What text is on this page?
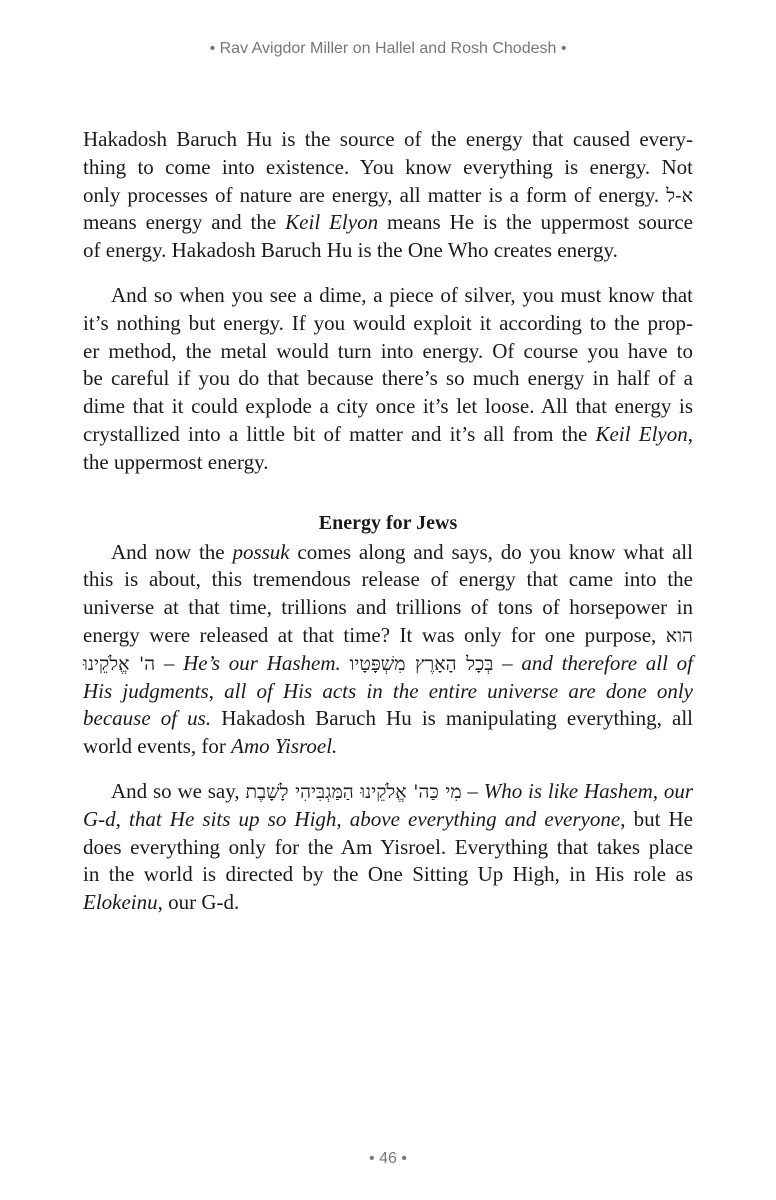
• Rav Avigdor Miller on Hallel and Rosh Chodesh •
Hakadosh Baruch Hu is the source of the energy that caused every-
thing to come into existence. You know everything is energy. Not
only processes of nature are energy, all matter is a form of energy. א-ל
means energy and the Keil Elyon means He is the uppermost source
of energy. Hakadosh Baruch Hu is the One Who creates energy.
And so when you see a dime, a piece of silver, you must know that
it’s nothing but energy. If you would exploit it according to the prop-
er method, the metal would turn into energy. Of course you have to
be careful if you do that because there’s so much energy in half of a
dime that it could explode a city once it’s let loose. All that energy is
crystallized into a little bit of matter and it’s all from the Keil Elyon,
the uppermost energy.
Energy for Jews
And now the possuk comes along and says, do you know what all
this is about, this tremendous release of energy that came into the
universe at that time, trillions and trillions of tons of horsepower in
energy were released at that time? It was only for one purpose, הוא
ה' אֱלֹקֵינוּ – He’s our Hashem. בְּכָל הָאָרֶץ מִשְׁפָּטָיו – and therefore all of
His judgments, all of His acts in the entire universe are done only
because of us. Hakadosh Baruch Hu is manipulating everything, all
world events, for Amo Yisroel.
And so we say, מִי כַּה' אֱלֹקֵינוּ הַמַּגְבִּיהִי לָשָׁבֶת – Who is like Hashem, our
G-d, that He sits up so High, above everything and everyone, but He
does everything only for the Am Yisroel. Everything that takes place
in the world is directed by the One Sitting Up High, in His role as
Elokeinu, our G-d.
• 46 •
